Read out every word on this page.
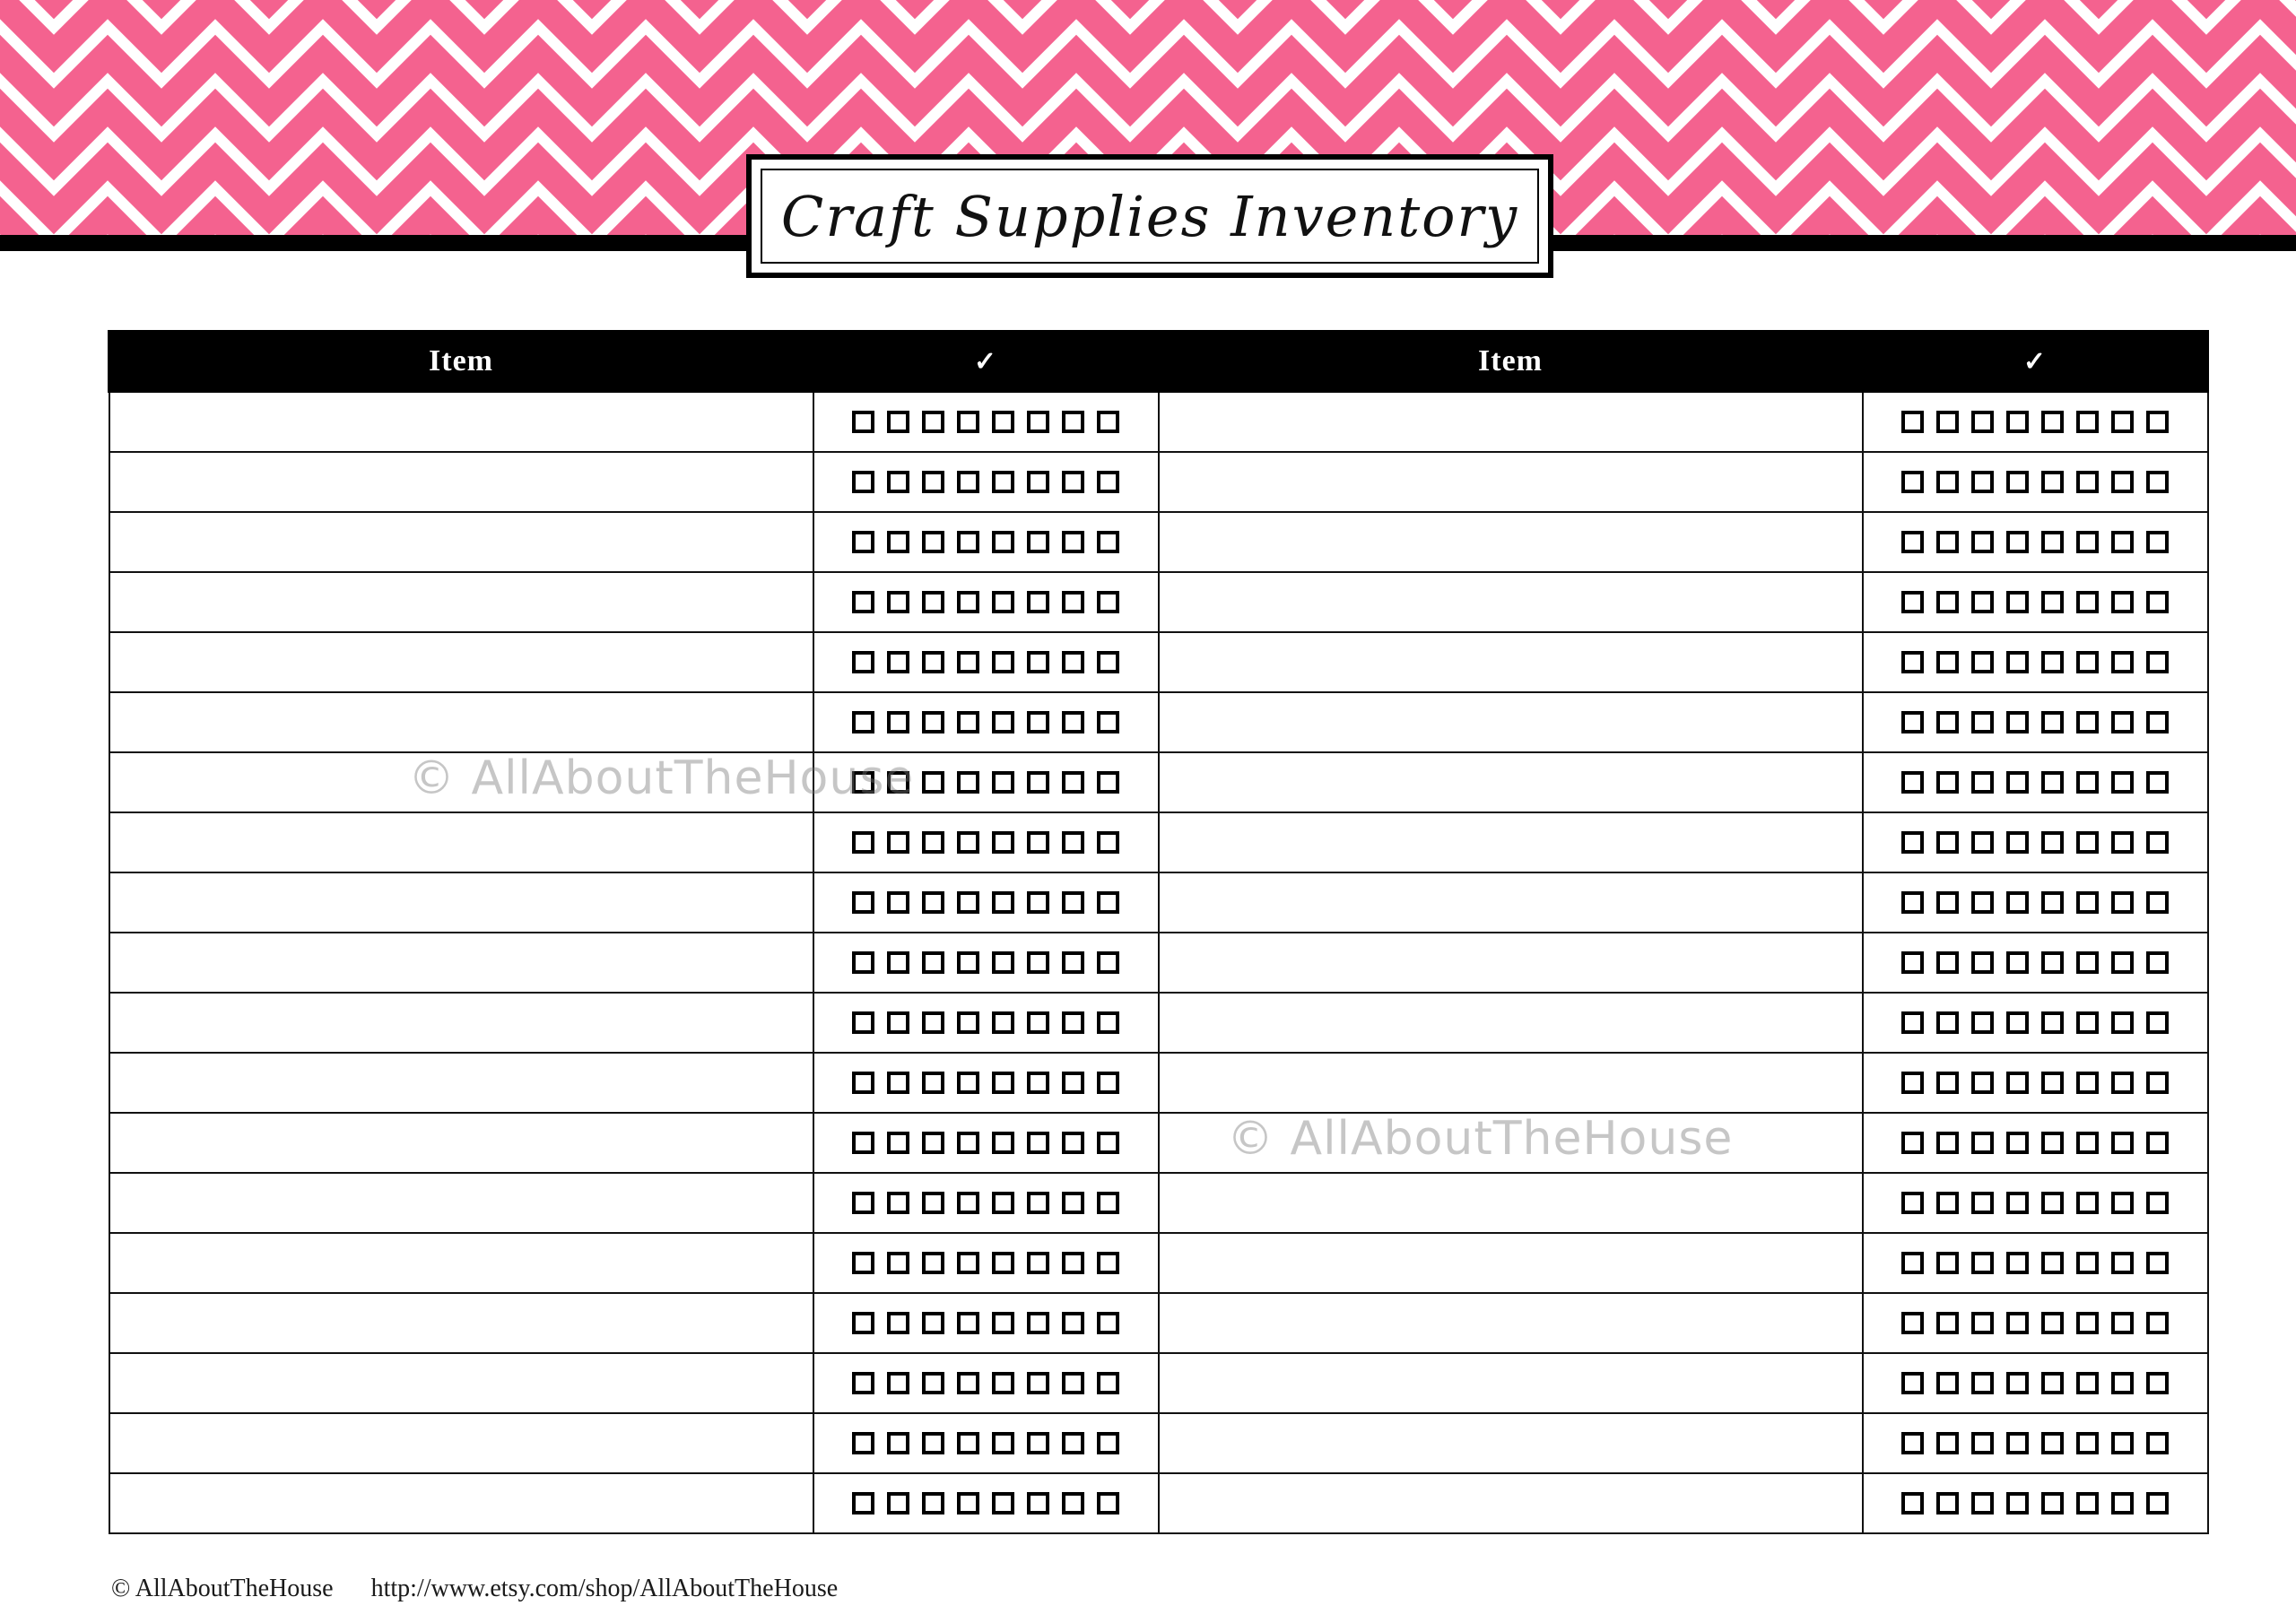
Craft Supplies Inventory
© AllAboutTheHouse
© AllAboutTheHouse
Item	✓	Item	✓

© AllAboutTheHouse http://www.etsy.com/shop/AllAboutTheHouse
